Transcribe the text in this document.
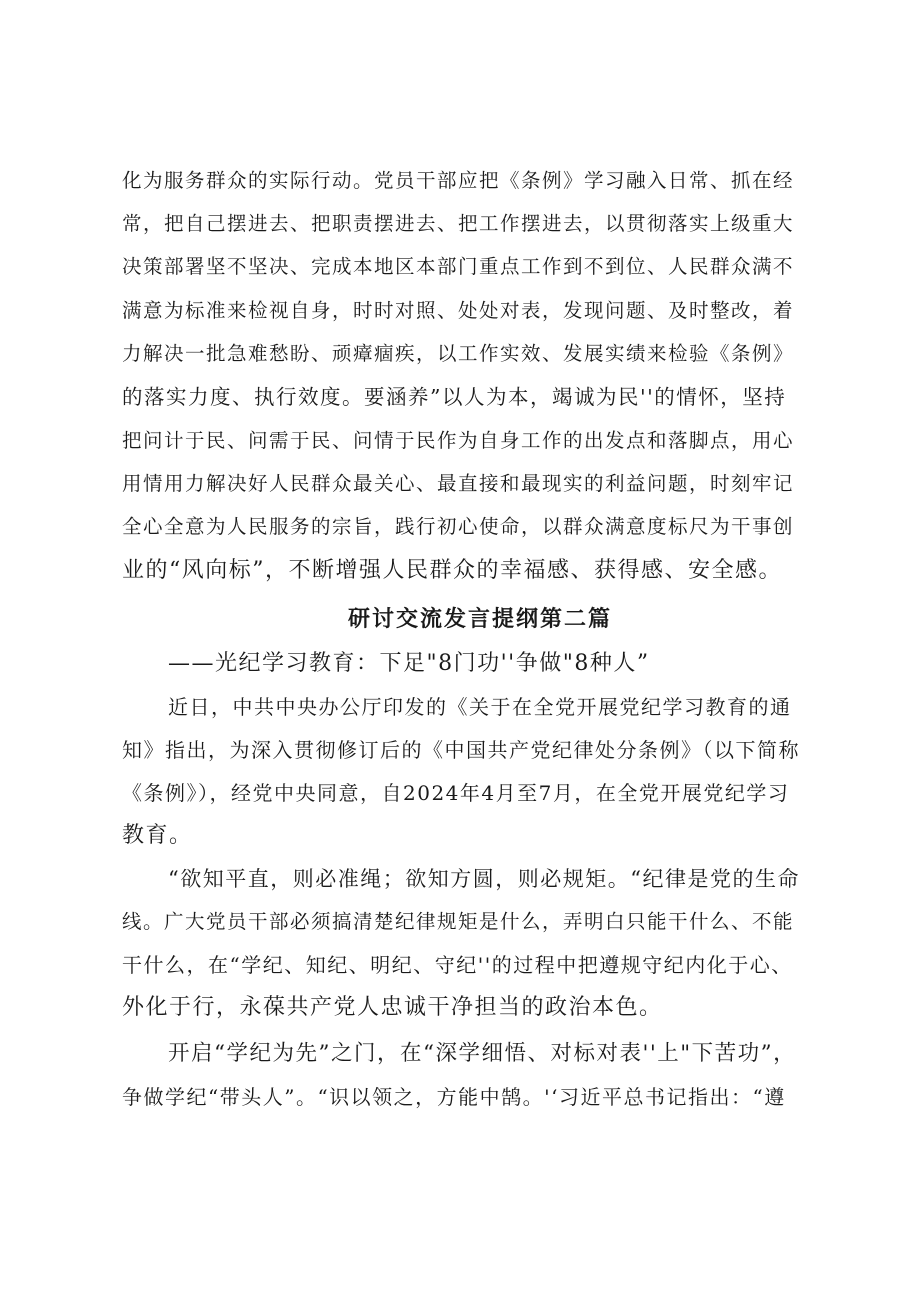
化为服务群众的实际行动。党员干部应把《条例》学习融入日常、抓在经
常，把自己摆进去、把职责摆进去、把工作摆进去，以贯彻落实上级重大
决策部署坚不坚决、完成本地区本部门重点工作到不到位、人民群众满不
满意为标准来检视自身，时时对照、处处对表，发现问题、及时整改，着
力解决一批急难愁盼、顽瘴痼疾，以工作实效、发展实绩来检验《条例》
的落实力度、执行效度。要涵养”以人为本，竭诚为民''的情怀，坚持
把问计于民、问需于民、问情于民作为自身工作的出发点和落脚点，用心
用情用力解决好人民群众最关心、最直接和最现实的利益问题，时刻牢记
全心全意为人民服务的宗旨，践行初心使命，以群众满意度标尺为干事创
业的“风向标”，不断增强人民群众的幸福感、获得感、安全感。
研讨交流发言提纲第二篇
——光纪学习教育：下足"8门功''争做"8种人”
近日，中共中央办公厅印发的《关于在全党开展党纪学习教育的通
知》指出，为深入贯彻修订后的《中国共产党纪律处分条例》（以下简称
《条例》），经党中央同意，自2024年4月至7月，在全党开展党纪学习
教育。
“欲知平直，则必准绳；欲知方圆，则必规矩。“纪律是党的生命
线。广大党员干部必须搞清楚纪律规矩是什么，弄明白只能干什么、不能
干什么，在“学纪、知纪、明纪、守纪''的过程中把遵规守纪内化于心、
外化于行，永葆共产党人忠诚干净担当的政治本色。
开启“学纪为先”之门，在“深学细悟、对标对表''上"下苦功”，
争做学纪“带头人”。“识以领之，方能中鹄。'‘习近平总书记指出：“遵
